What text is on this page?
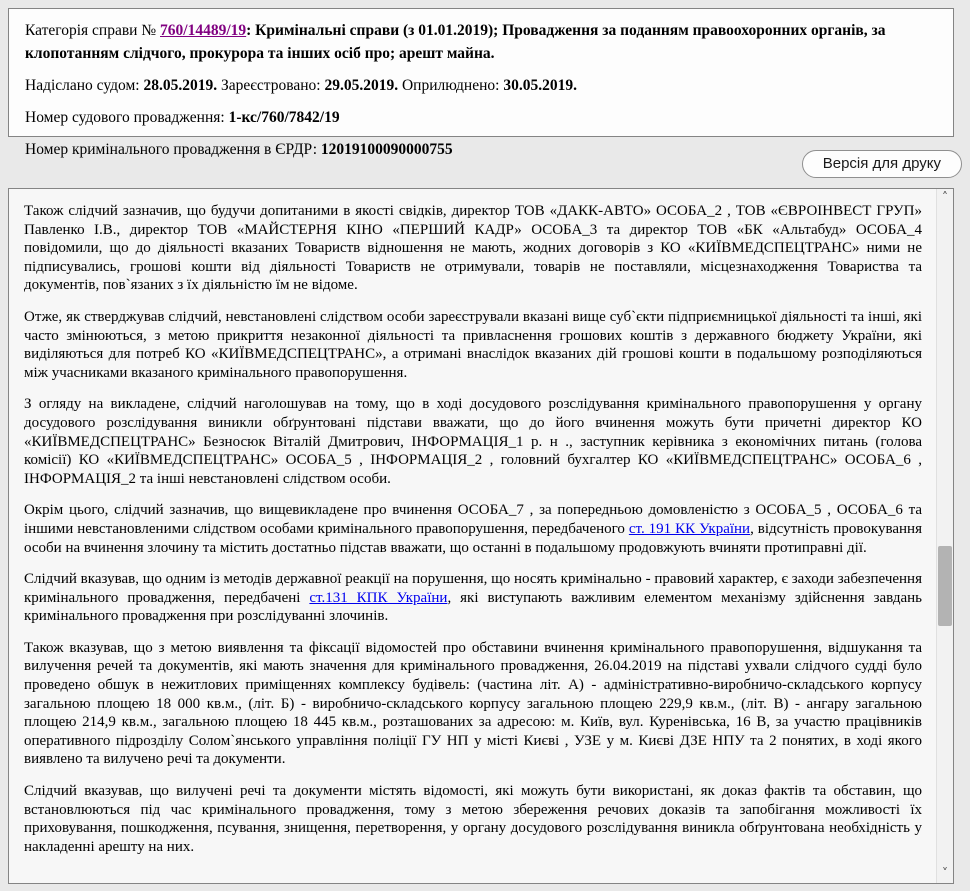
Категорія справи № 760/14489/19: Кримінальні справи (з 01.01.2019); Провадження за поданням правоохоронних органів, за клопотанням слідчого, прокурора та інших осіб про; арешт майна.

Надіслано судом: 28.05.2019. Зареєстровано: 29.05.2019. Оприлюднено: 30.05.2019.

Номер судового провадження: 1-кс/760/7842/19

Номер кримінального провадження в ЄРДР: 12019100090000755

Версія для друку

Також слідчий зазначив, що будучи допитаними в якості свідків, директор ТОВ «ДАКК-АВТО» ОСОБА_2 , ТОВ «ЄВРОІНВЕСТ ГРУП» Павленко І.В., директор ТОВ «МАЙСТЕРНЯ КІНО «ПЕРШИЙ КАДР» ОСОБА_3 та директор ТОВ «БК «Альтабуд» ОСОБА_4 повідомили, що до діяльності вказаних Товариств відношення не мають, жодних договорів з КО «КИЇВМЕДСПЕЦТРАНС» ними не підписувались, грошові кошти від діяльності Товариств не отримували, товарів не поставляли, місцезнаходження Товариства та документів, пов`язаних з їх діяльністю їм не відоме.

Отже, як стверджував слідчий, невстановлені слідством особи зареєстрували вказані вище суб`єкти підприємницької діяльності та інші, які часто змінюються, з метою прикриття незаконної діяльності та привласнення грошових коштів з державного бюджету України, які виділяються для потреб КО «КИЇВМЕДСПЕЦТРАНС», а отримані внаслідок вказаних дій грошові кошти в подальшому розподіляються між учасниками вказаного кримінального правопорушення.

З огляду на викладене, слідчий наголошував на тому, що в ході досудового розслідування кримінального правопорушення у органу досудового розслідування виникли обґрунтовані підстави вважати, що до його вчинення можуть бути причетні директор КО «КИЇВМЕДСПЕЦТРАНС» Безносюк Віталій Дмитрович, ІНФОРМАЦІЯ_1 р. н ., заступник керівника з економічних питань (голова комісії) КО «КИЇВМЕДСПЕЦТРАНС» ОСОБА_5 , ІНФОРМАЦІЯ_2 , головний бухгалтер КО «КИЇВМЕДСПЕЦТРАНС» ОСОБА_6 , ІНФОРМАЦІЯ_2 та інші невстановлені слідством особи.

Окрім цього, слідчий зазначив, що вищевикладене про вчинення ОСОБА_7 , за попередньою домовленістю з ОСОБА_5 , ОСОБА_6 та іншими невстановленими слідством особами кримінального правопорушення, передбаченого ст. 191 КК України, відсутність провокування особи на вчинення злочину та містить достатньо підстав вважати, що останні в подальшому продовжують вчиняти протиправні дії.

Слідчий вказував, що одним із методів державної реакції на порушення, що носять кримінально - правовий характер, є заходи забезпечення кримінального провадження, передбачені ст.131 КПК України, які виступають важливим елементом механізму здійснення завдань кримінального провадження при розслідуванні злочинів.

Також вказував, що з метою виявлення та фіксації відомостей про обставини вчинення кримінального правопорушення, відшукання та вилучення речей та документів, які мають значення для кримінального провадження, 26.04.2019 на підставі ухвали слідчого судді було проведено обшук в нежитлових приміщеннях комплексу будівель: (частина літ. А) - адміністративно-виробничо-складського корпусу загальною площею 18 000 кв.м., (літ. Б) - виробничо-складського корпусу загальною площею 229,9 кв.м., (літ. В) - ангару загальною площею 214,9 кв.м., загальною площею 18 445 кв.м., розташованих за адресою: м. Київ, вул. Куренівська, 16 В, за участю працівників оперативного підрозділу Солом`янського управління поліції ГУ НП у місті Києві , УЗЕ у м. Києві ДЗЕ НПУ та 2 понятих, в ході якого виявлено та вилучено речі та документи.

Слідчий вказував, що вилучені речі та документи містять відомості, які можуть бути використані, як доказ фактів та обставин, що встановлюються під час кримінального провадження, тому з метою збереження речових доказів та запобігання можливості їх приховування, пошкодження, псування, знищення, перетворення, у органу досудового розслідування виникла обґрунтована необхідність у накладенні арешту на них.

˄
˅
